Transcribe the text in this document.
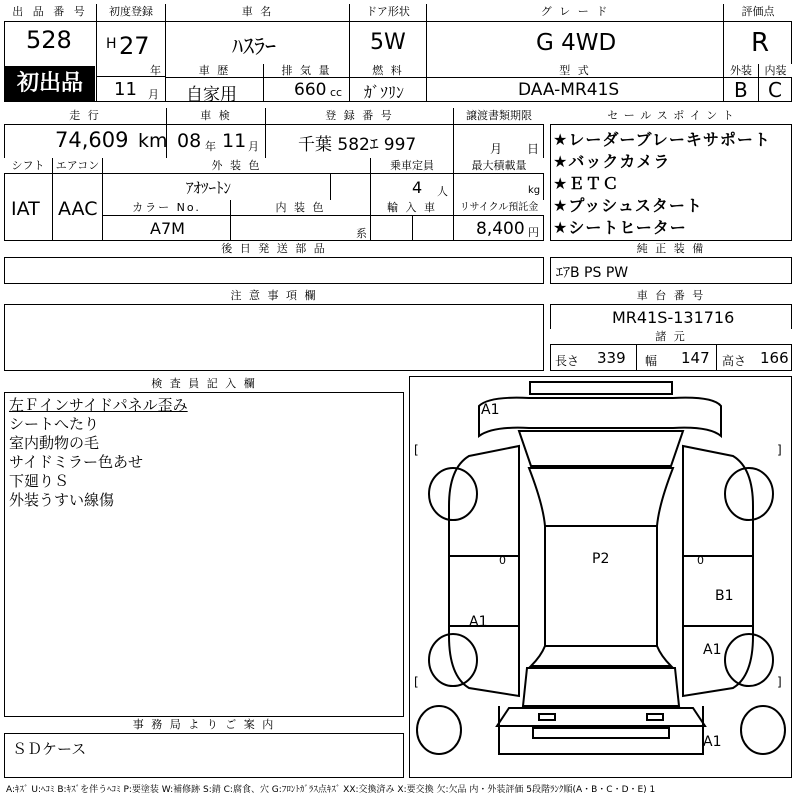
出 品 番 号
528
初出品
初度登録
H 27
年
11 月
車 名
ﾊｽﾗｰ
ドア形状
5W
グ レ ー ド
G 4WD
評価点
R
車 歴
自家用
排 気 量
660 cc
燃 料
ｶﾞｿﾘﾝ
型 式
DAA-MR41S
外装	内装
B C
走 行
74,609 km
車 検
08 年 11 月
登 録 番 号
千葉 582ｴ 997
譲渡書類期限
月 日
シフト
IAT
エアコン
AAC
外 装 色
ｱｵﾂｰﾄﾝ
乗車定員
4 人
最大積載量
kg
カラー No.
A7M
内 装 色
系
輸 入 車	リサイクル預託金
8,400 円
後 日 発 送 部 品
セ ー ル ス ポ イ ン ト
★レーダーブレーキサポート
★バックカメラ
★ＥＴＣ
★プッシュスタート
★シートヒーター
純 正 装 備
ｴｱB PS PW
注 意 事 項 欄	車 台 番 号
MR41S-131716
諸 元
長さ 339 幅 147 高さ 166
検 査 員 記 入 欄
左Ｆインサイドパネル歪み
シートへたり
室内動物の毛
サイドミラー色あせ
下廻りＳ
外装うすい線傷
事 務 局 よ り ご 案 内
ＳＤケース
A1
P2
B1
A1
A1
A1
[	]
[	]
0	0
A:ｷｽﾞ U:ﾍｺﾐ B:ｷｽﾞを伴うﾍｺﾐ P:要塗装 W:補修跡 S:錆 C:腐食、穴 G:ﾌﾛﾝﾄｶﾞﾗｽ点ｷｽﾞ XX:交換済み X:要交換 欠:欠品 内・外装評価 5段階ﾗﾝｸ順(A・B・C・D・E) 1
